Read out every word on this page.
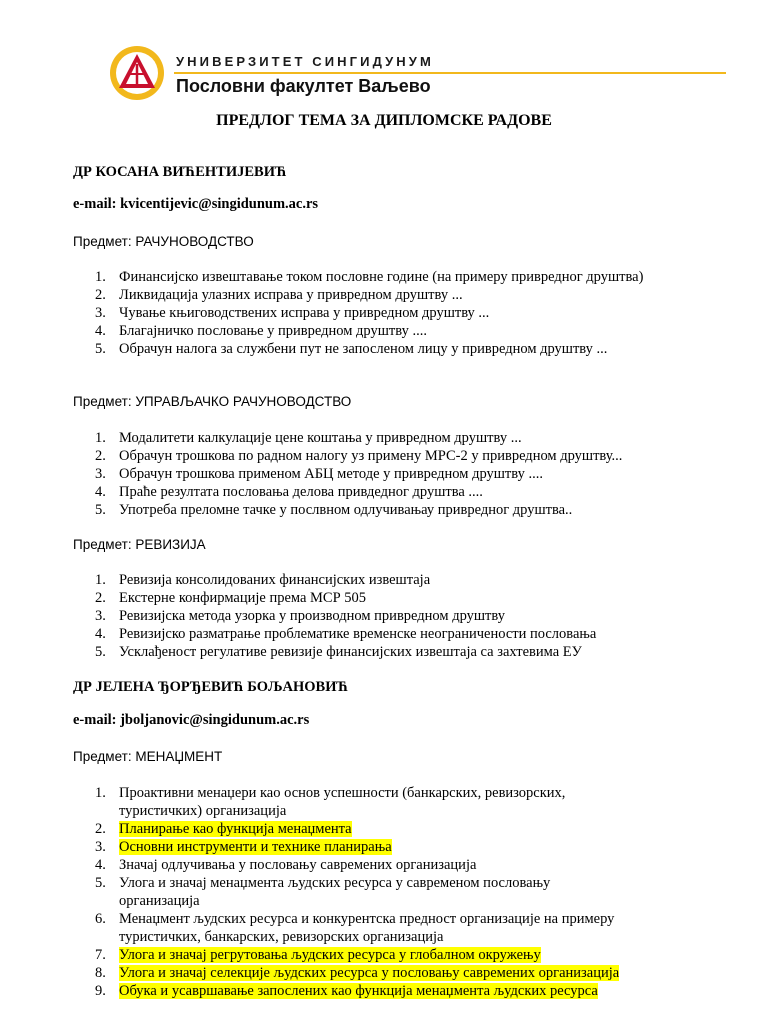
УНИВЕРЗИТЕТ СИНГИДУНУМ
Пословни факултет Ваљево
ПРЕДЛОГ ТЕМА ЗА ДИПЛОМСКЕ РАДОВЕ
ДР КОСАНА ВИЋЕНТИЈЕВИЋ
e-mail: kvicentijevic@singidunum.ac.rs
Предмет: РАЧУНОВОДСТВО
1. Финансијско извештавање током пословне године (на примеру привредног друштва)
2. Ликвидација улазних исправа у привредном друштву ...
3. Чување књиговодствених исправа у привредном друштву ...
4. Благајничко пословање у привредном друштву ....
5. Обрачун налога за службени пут не запосленом лицу у привредном друштву ...
Предмет: УПРАВЉАЧКО РАЧУНОВОДСТВО
1. Модалитети калкулације цене коштања у привредном друштву ...
2. Обрачун трошкова по радном налогу уз примену МРС-2 у привредном друштву...
3. Обрачун трошкова применом АБЦ методе у привредном друштву ....
4. Праће резултата пословања делова привдедног друштва ....
5. Употреба преломне тачке у послвном одлучивањау привредног друштва..
Предмет: РЕВИЗИЈА
1. Ревизија консолидованих финансијских извештаја
2. Екстерне конфирмације према МСР 505
3. Ревизијска метода узорка у производном привредном друштву
4. Ревизијско разматрање проблематике временске неограничености пословања
5. Усклађеност регулативе ревизије финансијских извештаја са захтевима ЕУ
ДР ЈЕЛЕНА ЂОРЂЕВИЋ БОЉАНОВИЋ
e-mail: jboljanovic@singidunum.ac.rs
Предмет: МЕНАЏМЕНТ
1. Проактивни менаџери као основ успешности (банкарских, ревизорских,
туристичких) организација
2. Планирање као функција менаџмента
3. Основни инструменти и технике планирања
4. Значај одлучивања у пословању савремених организација
5. Улога и значај менаџмента људских ресурса у савременом пословању
организација
6. Менаџмент људских ресурса и конкурентска предност организације на примеру
туристичких, банкарских, ревизорских организација
7. Улога и значај регрутовања људских ресурса у глобалном окружењу
8. Улога и значај селекције људских ресурса у пословању савремених организација
9. Обука и усавршавање запослених као функција менаџмента људских ресурса
